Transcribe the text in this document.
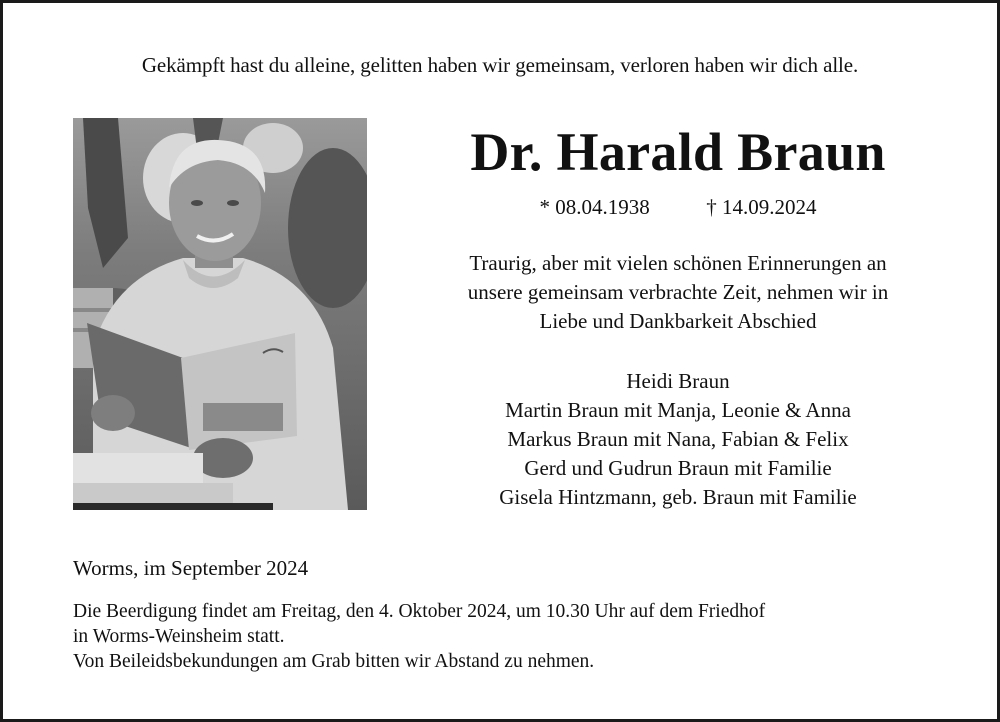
Gekämpft hast du alleine, gelitten haben wir gemeinsam, verloren haben wir dich alle.
Dr. Harald Braun
* 08.04.1938	† 14.09.2024
Traurig, aber mit vielen schönen Erinnerungen an
unsere gemeinsam verbrachte Zeit, nehmen wir in
Liebe und Dankbarkeit Abschied
Heidi Braun
Martin Braun mit Manja, Leonie & Anna
Markus Braun mit Nana, Fabian & Felix
Gerd und Gudrun Braun mit Familie
Gisela Hintzmann, geb. Braun mit Familie
Worms, im September 2024
Die Beerdigung findet am Freitag, den 4. Oktober 2024, um 10.30 Uhr auf dem Friedhof
in Worms-Weinsheim statt.
Von Beileidsbekundungen am Grab bitten wir Abstand zu nehmen.
